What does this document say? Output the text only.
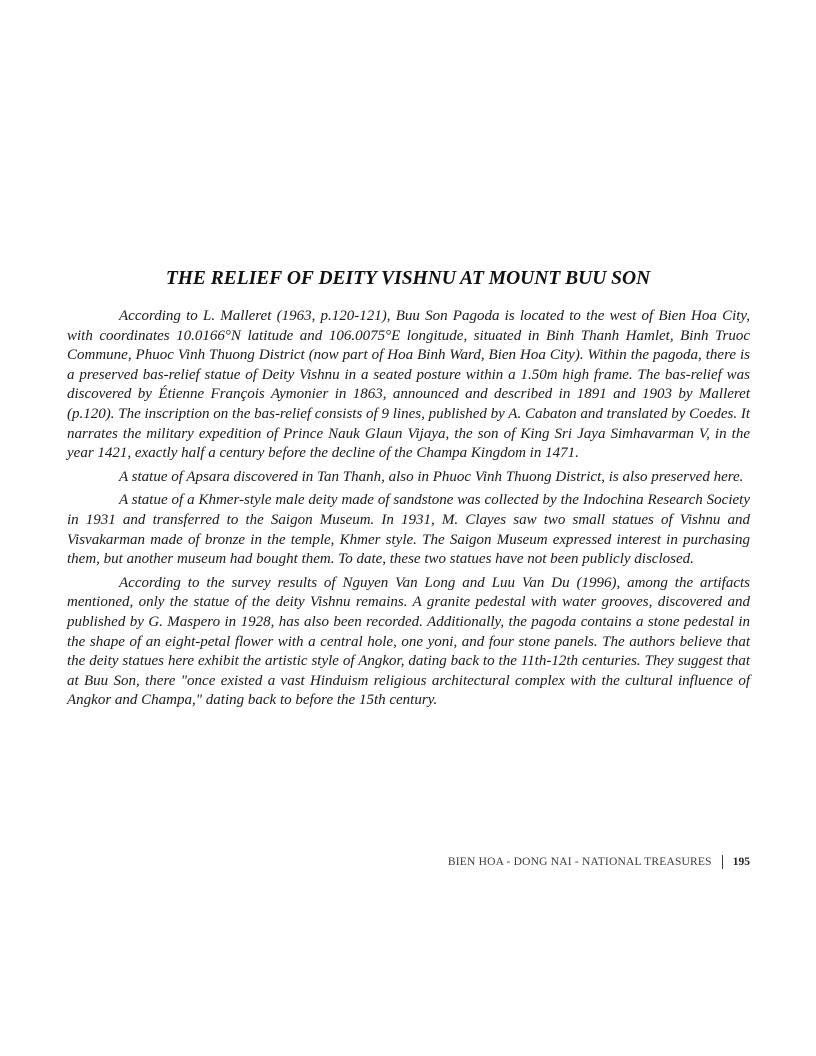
THE RELIEF OF DEITY VISHNU AT MOUNT BUU SON

According to L. Malleret (1963, p.120-121), Buu Son Pagoda is located to the west of Bien Hoa City, with coordinates 10.0166°N latitude and 106.0075°E longitude, situated in Binh Thanh Hamlet, Binh Truoc Commune, Phuoc Vinh Thuong District (now part of Hoa Binh Ward, Bien Hoa City). Within the pagoda, there is a preserved bas-relief statue of Deity Vishnu in a seated posture within a 1.50m high frame. The bas-relief was discovered by Étienne François Aymonier in 1863, announced and described in 1891 and 1903 by Malleret (p.120). The inscription on the bas-relief consists of 9 lines, published by A. Cabaton and translated by Coedes. It narrates the military expedition of Prince Nauk Glaun Vijaya, the son of King Sri Jaya Simhavarman V, in the year 1421, exactly half a century before the decline of the Champa Kingdom in 1471.

A statue of Apsara discovered in Tan Thanh, also in Phuoc Vinh Thuong District, is also preserved here.

A statue of a Khmer-style male deity made of sandstone was collected by the Indochina Research Society in 1931 and transferred to the Saigon Museum. In 1931, M. Clayes saw two small statues of Vishnu and Visvakarman made of bronze in the temple, Khmer style. The Saigon Museum expressed interest in purchasing them, but another museum had bought them. To date, these two statues have not been publicly disclosed.

According to the survey results of Nguyen Van Long and Luu Van Du (1996), among the artifacts mentioned, only the statue of the deity Vishnu remains. A granite pedestal with water grooves, discovered and published by G. Maspero in 1928, has also been recorded. Additionally, the pagoda contains a stone pedestal in the shape of an eight-petal flower with a central hole, one yoni, and four stone panels. The authors believe that the deity statues here exhibit the artistic style of Angkor, dating back to the 11th-12th centuries. They suggest that at Buu Son, there "once existed a vast Hinduism religious architectural complex with the cultural influence of Angkor and Champa," dating back to before the 15th century.

BIEN HOA - DONG NAI - NATIONAL TREASURES 195
